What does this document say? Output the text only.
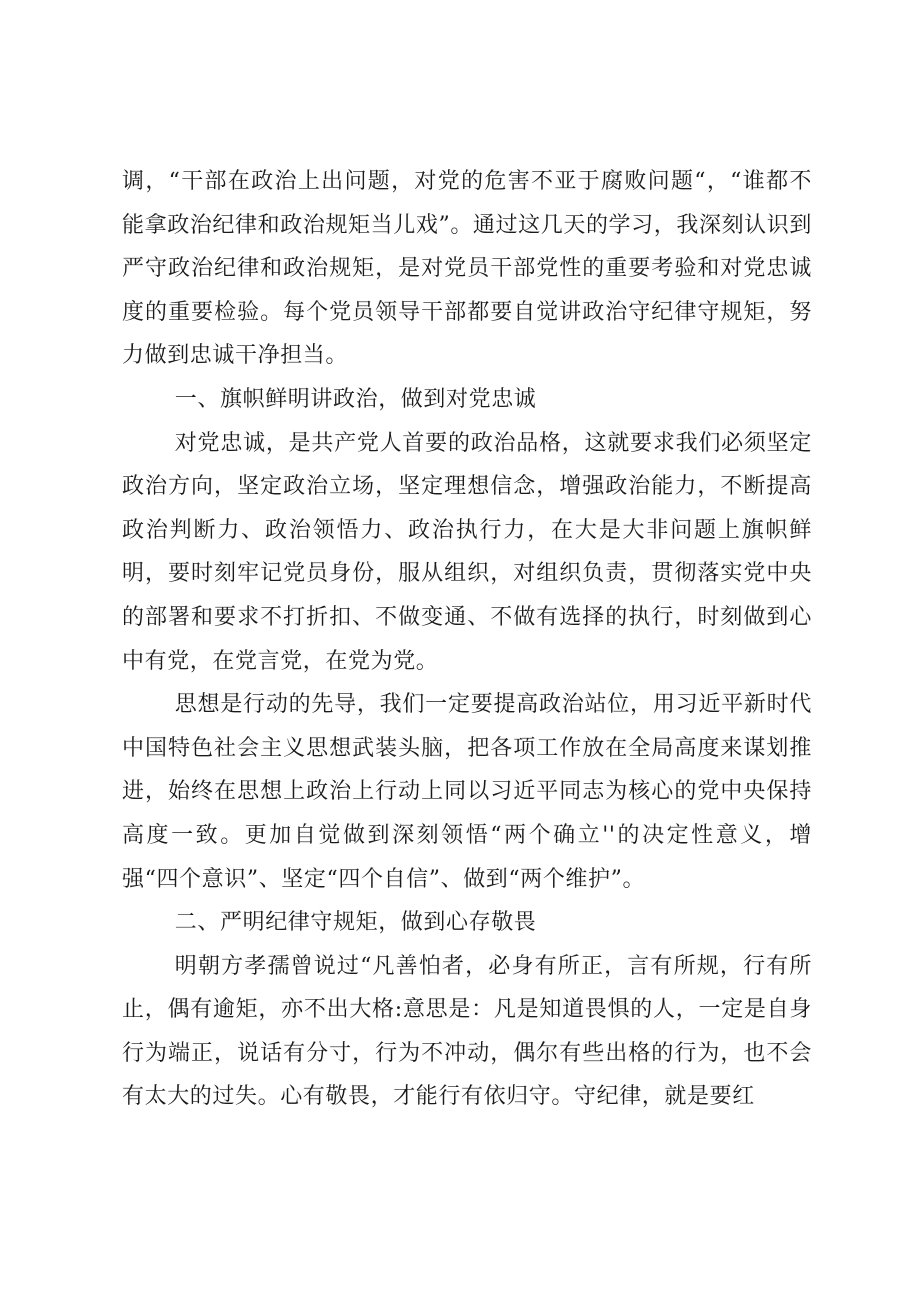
调，“干部在政治上出问题，对党的危害不亚于腐败问题“，“谁都不能拿政治纪律和政治规矩当儿戏”。通过这几天的学习，我深刻认识到严守政治纪律和政治规矩，是对党员干部党性的重要考验和对党忠诚度的重要检验。每个党员领导干部都要自觉讲政治守纪律守规矩，努力做到忠诚干净担当。

一、旗帜鲜明讲政治，做到对党忠诚

对党忠诚，是共产党人首要的政治品格，这就要求我们必须坚定政治方向，坚定政治立场，坚定理想信念，增强政治能力，不断提高政治判断力、政治领悟力、政治执行力，在大是大非问题上旗帜鲜明，要时刻牢记党员身份，服从组织，对组织负责，贯彻落实党中央的部署和要求不打折扣、不做变通、不做有选择的执行，时刻做到心中有党，在党言党，在党为党。

思想是行动的先导，我们一定要提高政治站位，用习近平新时代中国特色社会主义思想武装头脑，把各项工作放在全局高度来谋划推进，始终在思想上政治上行动上同以习近平同志为核心的党中央保持高度一致。更加自觉做到深刻领悟“两个确立''的决定性意义，增强“四个意识”、坚定“四个自信”、做到“两个维护”。

二、严明纪律守规矩，做到心存敬畏

明朝方孝孺曾说过“凡善怕者，必身有所正，言有所规，行有所止，偶有逾矩，亦不出大格:意思是：凡是知道畏惧的人，一定是自身行为端正，说话有分寸，行为不冲动，偶尔有些出格的行为，也不会有太大的过失。心有敬畏，才能行有依归守。守纪律，就是要红
